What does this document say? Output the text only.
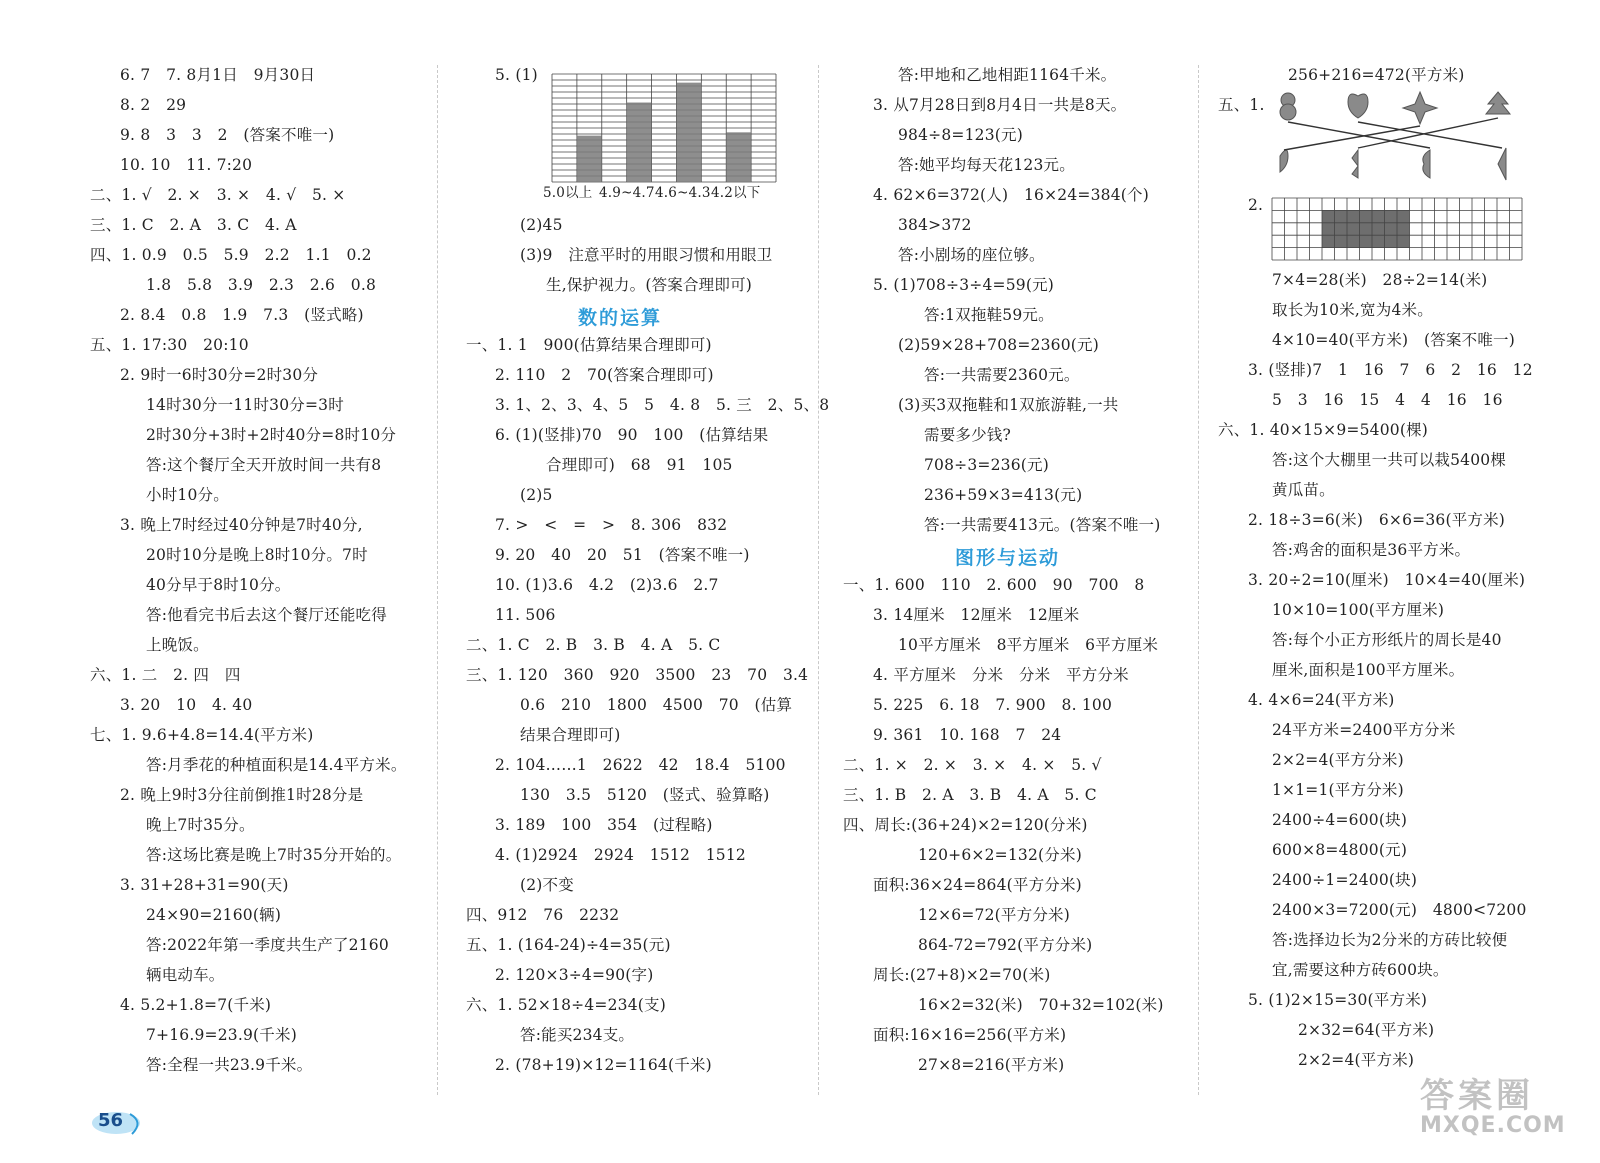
6. 7　7. 8月1日　9月30日
8. 2　29
9. 8　3　3　2　(答案不唯一)
10. 10　11. 7:20
二、1. √　2. ×　3. ×　4. √　5. ×
三、1. C　2. A　3. C　4. A
四、1. 0.9　0.5　5.9　2.2　1.1　0.2
1.8　5.8　3.9　2.3　2.6　0.8
2. 8.4　0.8　1.9　7.3　(竖式略)
五、1. 17:30　20:10
2. 9时一6时30分=2时30分
14时30分一11时30分=3时
2时30分+3时+2时40分=8时10分
答:这个餐厅全天开放时间一共有8
小时10分。
3. 晚上7时经过40分钟是7时40分,
20时10分是晚上8时10分。7时
40分早于8时10分。
答:他看完书后去这个餐厅还能吃得
上晚饭。
六、1. 二　2. 四　四
3. 20　10　4. 40
七、1. 9.6+4.8=14.4(平方米)
答:月季花的种植面积是14.4平方米。
2. 晚上9时3分往前倒推1时28分是
晚上7时35分。
答:这场比赛是晚上7时35分开始的。
3. 31+28+31=90(天)
24×90=2160(辆)
答:2022年第一季度共生产了2160
辆电动车。
4. 5.2+1.8=7(千米)
7+16.9=23.9(千米)
答:全程一共23.9千米。
5. (1)
5.0以上 4.9~4.7 4.6~4.3 4.2以下
(2)45
(3)9　注意平时的用眼习惯和用眼卫
生,保护视力。(答案合理即可)
数的运算
一、1. 1　900(估算结果合理即可)
2. 110　2　70(答案合理即可)
3. 1、2、3、4、5　5　4. 8　5. 三　2、5、8
6. (1)(竖排)70　90　100　(估算结果
合理即可)　68　91　105
(2)5
7. >　<　=　>　8. 306　832
9. 20　40　20　51　(答案不唯一)
10. (1)3.6　4.2　(2)3.6　2.7
11. 506
二、1. C　2. B　3. B　4. A　5. C
三、1. 120　360　920　3500　23　70　3.4
0.6　210　1800　4500　70　(估算
结果合理即可)
2. 104……1　2622　42　18.4　5100
130　3.5　5120　(竖式、验算略)
3. 189　100　354　(过程略)
4. (1)2924　2924　1512　1512
(2)不变
四、912　76　2232
五、1. (164-24)÷4=35(元)
2. 120×3÷4=90(字)
六、1. 52×18÷4=234(支)
答:能买234支。
2. (78+19)×12=1164(千米)
答:甲地和乙地相距1164千米。
3. 从7月28日到8月4日一共是8天。
984÷8=123(元)
答:她平均每天花123元。
4. 62×6=372(人)　16×24=384(个)
384>372
答:小剧场的座位够。
5. (1)708÷3÷4=59(元)
答:1双拖鞋59元。
(2)59×28+708=2360(元)
答:一共需要2360元。
(3)买3双拖鞋和1双旅游鞋,一共
需要多少钱?
708÷3=236(元)
236+59×3=413(元)
答:一共需要413元。(答案不唯一)
图形与运动
一、1. 600　110　2. 600　90　700　8
3. 14厘米　12厘米　12厘米
10平方厘米　8平方厘米　6平方厘米
4. 平方厘米　分米　分米　平方分米
5. 225　6. 18　7. 900　8. 100
9. 361　10. 168　7　24
二、1. ×　2. ×　3. ×　4. ×　5. √
三、1. B　2. A　3. B　4. A　5. C
四、周长:(36+24)×2=120(分米)
120+6×2=132(分米)
面积:36×24=864(平方分米)
12×6=72(平方分米)
864-72=792(平方分米)
周长:(27+8)×2=70(米)
16×2=32(米)　70+32=102(米)
面积:16×16=256(平方米)
27×8=216(平方米)
256+216=472(平方米)
五、1.
2.
7×4=28(米)　28÷2=14(米)
取长为10米,宽为4米。
4×10=40(平方米)　(答案不唯一)
3. (竖排)7　1　16　7　6　2　16　12
5　3　16　15　4　4　16　16
六、1. 40×15×9=5400(棵)
答:这个大棚里一共可以栽5400棵
黄瓜苗。
2. 18÷3=6(米)　6×6=36(平方米)
答:鸡舍的面积是36平方米。
3. 20÷2=10(厘米)　10×4=40(厘米)
10×10=100(平方厘米)
答:每个小正方形纸片的周长是40
厘米,面积是100平方厘米。
4. 4×6=24(平方米)
24平方米=2400平方分米
2×2=4(平方分米)
1×1=1(平方分米)
2400÷4=600(块)
600×8=4800(元)
2400÷1=2400(块)
2400×3=7200(元)　4800<7200
答:选择边长为2分米的方砖比较便
宜,需要这种方砖600块。
5. (1)2×15=30(平方米)
2×32=64(平方米)
2×2=4(平方米)
56
答案圈
MXQE.COM
